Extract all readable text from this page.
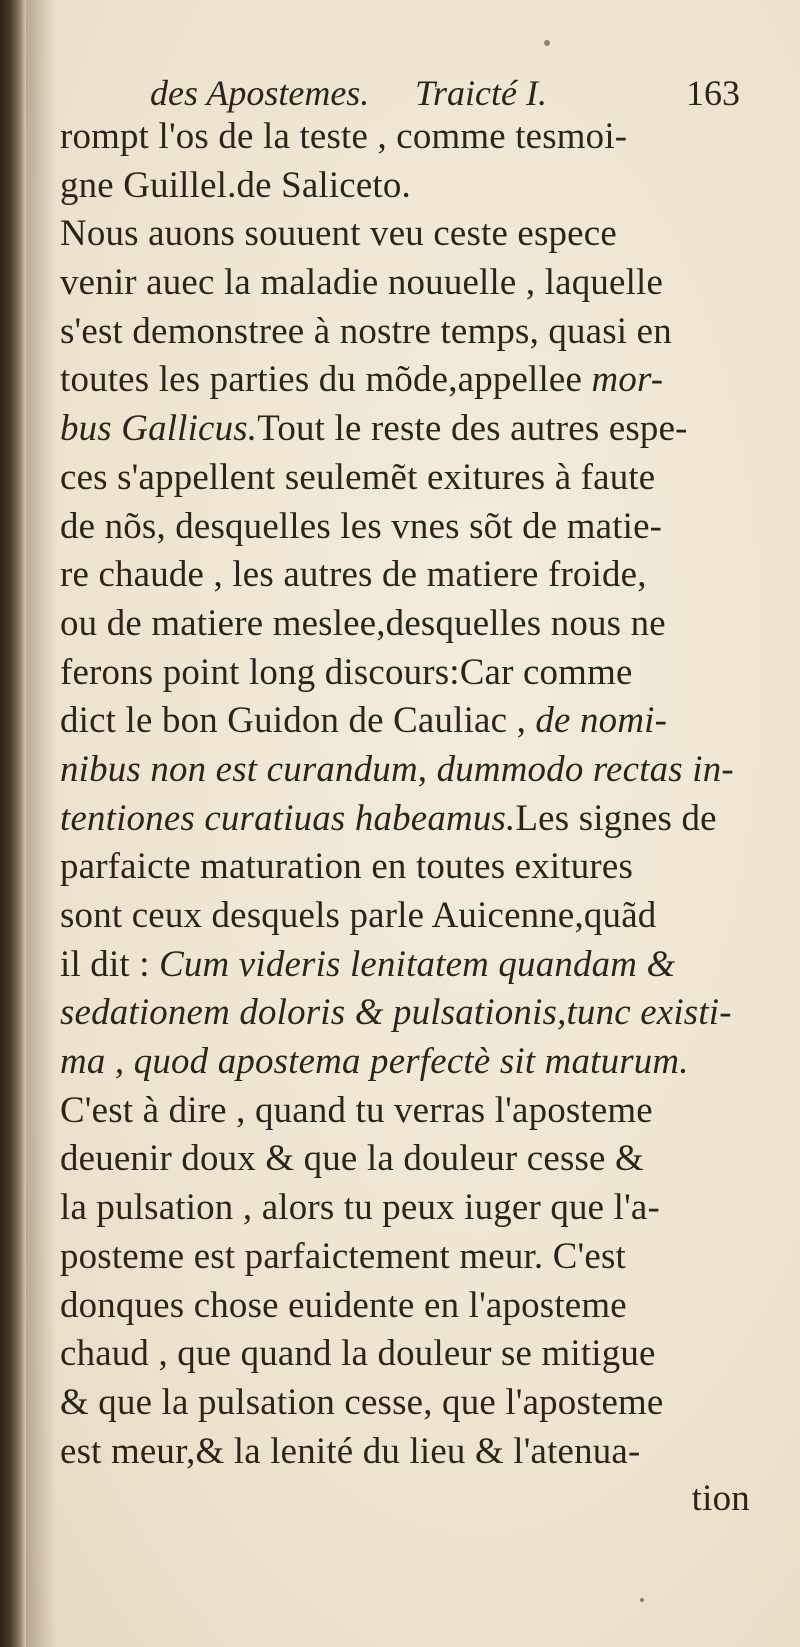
des Apostemes. Traicté I.	163
rompt l'os de la teste , comme tesmoi-
gne Guillel.de Saliceto.
Nous auons souuent veu ceste espece
venir auec la maladie nouuelle , laquelle
s'est demonstree à nostre temps, quasi en
toutes les parties du mõde,appellee mor-
bus Gallicus.Tout le reste des autres espe-
ces s'appellent seulemẽt exitures à faute
de nõs, desquelles les vnes sõt de matie-
re chaude , les autres de matiere froide,
ou de matiere meslee,desquelles nous ne
ferons point long discours:Car comme
dict le bon Guidon de Cauliac , de nomi-
nibus non est curandum, dummodo rectas in-
tentiones curatiuas habeamus.Les signes de
parfaicte maturation en toutes exitures
sont ceux desquels parle Auicenne,quãd
il dit : Cum videris lenitatem quandam &
sedationem doloris & pulsationis,tunc existi-
ma , quod apostema perfectè sit maturum.
C'est à dire , quand tu verras l'aposteme
deuenir doux & que la douleur cesse &
la pulsation , alors tu peux iuger que l'a-
posteme est parfaictement meur. C'est
donques chose euidente en l'aposteme
chaud , que quand la douleur se mitigue
& que la pulsation cesse, que l'aposteme
est meur,& la lenité du lieu & l'atenua-
tion
